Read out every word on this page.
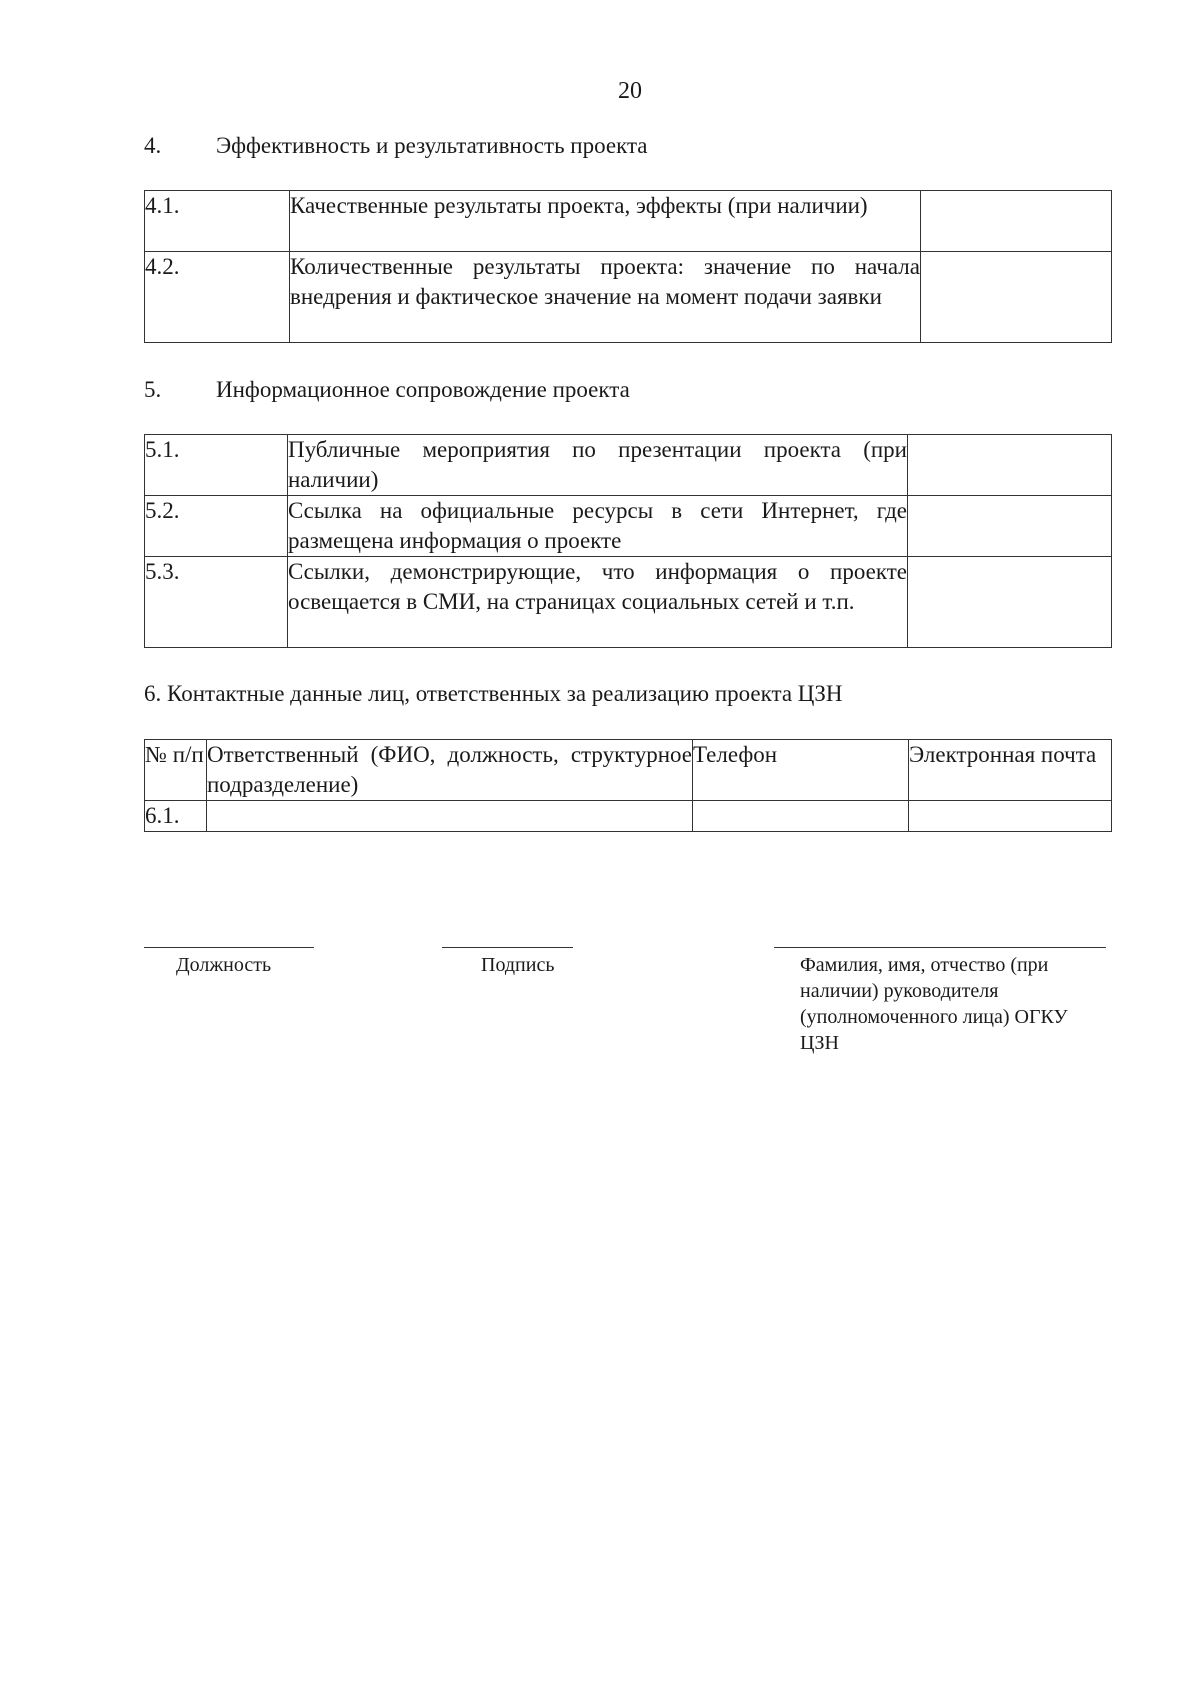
20
4. Эффективность и результативность проекта
4.1.	Качественные результаты проекта, эффекты (при наличии)	
4.2.	Количественные результаты проекта: значение по начала внедрения и фактическое значение на момент подачи заявки	
5. Информационное сопровождение проекта
5.1.	Публичные мероприятия по презентации проекта (при наличии)	
5.2.	Ссылка на официальные ресурсы в сети Интернет, где размещена информация о проекте	
5.3.	Ссылки, демонстрирующие, что информация о проекте освещается в СМИ, на страницах социальных сетей и т.п.	
6. Контактные данные лиц, ответственных за реализацию проекта ЦЗН
№ п/п	Ответственный (ФИО, должность, структурное подразделение)	Телефон	Электронная почта
6.1.			
Должность	Подпись	Фамилия, имя, отчество (при наличии) руководителя (уполномоченного лица) ОГКУ ЦЗН
